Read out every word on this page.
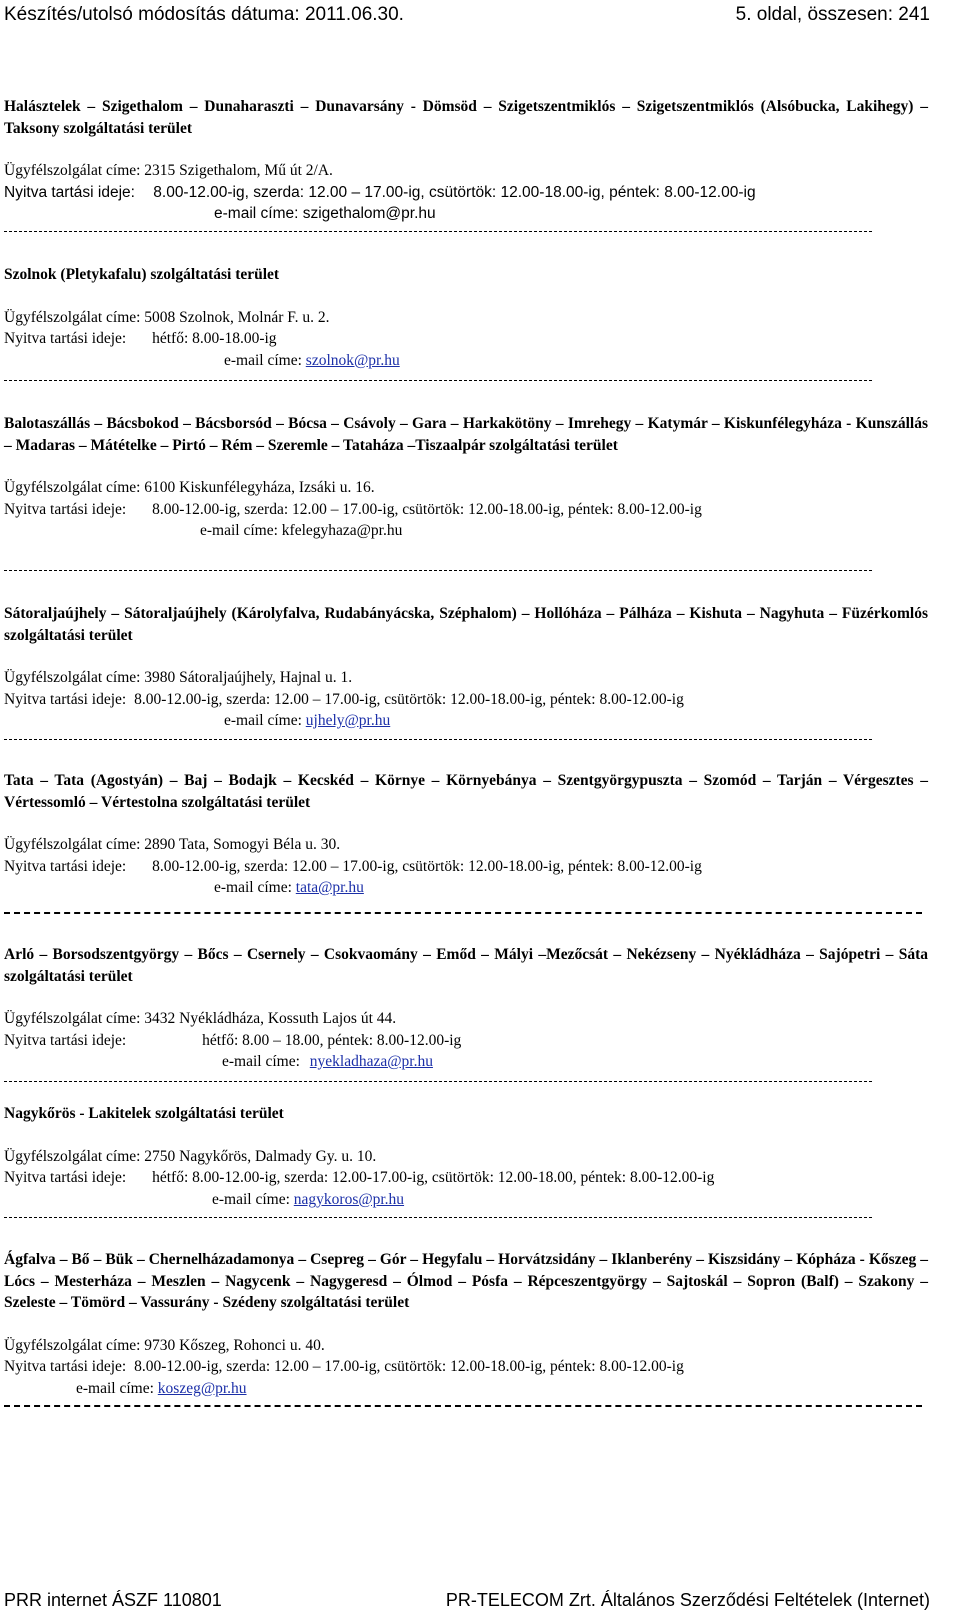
Készítés/utolsó módosítás dátuma: 2011.06.30.	5. oldal, összesen: 241
Halásztelek – Szigethalom – Dunaharaszti – Dunavarsány - Dömsöd – Szigetszentmiklós – Szigetszentmiklós (Alsóbucka, Lakihegy) – Taksony szolgáltatási terület
Ügyfélszolgálat címe: 2315 Szigethalom, Mű út 2/A.
Nyitva tartási ideje: 8.00-12.00-ig, szerda: 12.00 – 17.00-ig, csütörtök: 12.00-18.00-ig, péntek: 8.00-12.00-ig
e-mail címe: szigethalom@pr.hu
Szolnok (Pletykafalu) szolgáltatási terület
Ügyfélszolgálat címe: 5008 Szolnok, Molnár F. u. 2.
Nyitva tartási ideje: hétfő: 8.00-18.00-ig
e-mail címe: szolnok@pr.hu
Balotaszállás – Bácsbokod – Bácsborsód – Bócsa – Csávoly – Gara – Harkakötöny – Imrehegy – Katymár – Kiskunfélegyháza - Kunszállás – Madaras – Mátételke – Pirtó – Rém – Szeremle – Tataháza –Tiszaalpár szolgáltatási terület
Ügyfélszolgálat címe: 6100 Kiskunfélegyháza, Izsáki u. 16.
Nyitva tartási ideje: 8.00-12.00-ig, szerda: 12.00 – 17.00-ig, csütörtök: 12.00-18.00-ig, péntek: 8.00-12.00-ig
e-mail címe: kfelegyhaza@pr.hu
Sátoraljaújhely – Sátoraljaújhely (Károlyfalva, Rudabányácska, Széphalom) – Hollóháza – Pálháza – Kishuta – Nagyhuta – Füzérkomlós szolgáltatási terület
Ügyfélszolgálat címe: 3980 Sátoraljaújhely, Hajnal u. 1.
Nyitva tartási ideje: 8.00-12.00-ig, szerda: 12.00 – 17.00-ig, csütörtök: 12.00-18.00-ig, péntek: 8.00-12.00-ig
e-mail címe: ujhely@pr.hu
Tata – Tata (Agostyán) – Baj – Bodajk – Kecskéd – Környe – Környebánya – Szentgyörgypuszta – Szomód – Tarján – Vérgesztes – Vértessomló – Vértestolna szolgáltatási terület
Ügyfélszolgálat címe: 2890 Tata, Somogyi Béla u. 30.
Nyitva tartási ideje: 8.00-12.00-ig, szerda: 12.00 – 17.00-ig, csütörtök: 12.00-18.00-ig, péntek: 8.00-12.00-ig
e-mail címe: tata@pr.hu
Arló – Borsodszentgyörgy – Bőcs – Csernely – Csokvaomány – Emőd – Mályi –Mezőcsát – Nekézseny – Nyékládháza – Sajópetri – Sáta szolgáltatási terület
Ügyfélszolgálat címe: 3432 Nyékládháza, Kossuth Lajos út 44.
Nyitva tartási ideje:	hétfő: 8.00 – 18.00, péntek: 8.00-12.00-ig
e-mail címe: nyekladhaza@pr.hu
Nagykőrös - Lakitelek szolgáltatási terület
Ügyfélszolgálat címe: 2750 Nagykőrös, Dalmady Gy. u. 10.
Nyitva tartási ideje: hétfő: 8.00-12.00-ig, szerda: 12.00-17.00-ig, csütörtök: 12.00-18.00, péntek: 8.00-12.00-ig
e-mail címe: nagykoros@pr.hu
Ágfalva – Bő – Bük – Chernelházadamonya – Csepreg – Gór – Hegyfalu – Horvátzsidány – Iklanberény – Kiszsidány – Kópháza - Kőszeg – Lócs – Mesterháza – Meszlen – Nagycenk – Nagygeresd – Ólmod – Pósfa – Répceszentgyörgy – Sajtoskál – Sopron (Balf) – Szakony – Szeleste – Tömörd – Vassurány - Szédeny szolgáltatási terület
Ügyfélszolgálat címe: 9730 Kőszeg, Rohonci u. 40.
Nyitva tartási ideje: 8.00-12.00-ig, szerda: 12.00 – 17.00-ig, csütörtök: 12.00-18.00-ig, péntek: 8.00-12.00-ig
e-mail címe: koszeg@pr.hu
PRR internet ÁSZF 110801	PR-TELECOM Zrt. Általános Szerződési Feltételek (Internet)
